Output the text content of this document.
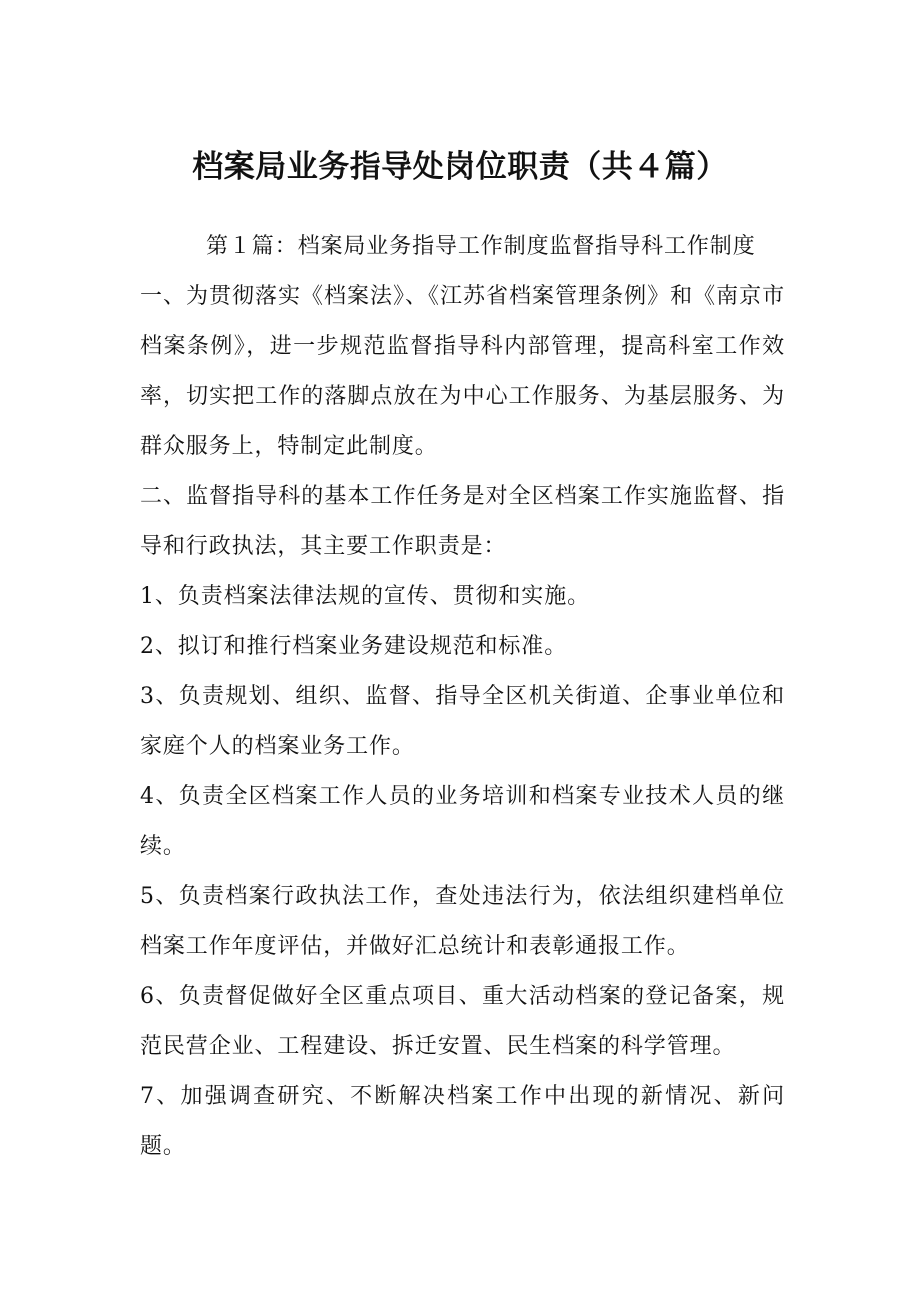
档案局业务指导处岗位职责（共４篇）

第１篇：档案局业务指导工作制度监督指导科工作制度

一、为贯彻落实《档案法》、《江苏省档案管理条例》和《南京市档案条例》，进一步规范监督指导科内部管理，提高科室工作效率，切实把工作的落脚点放在为中心工作服务、为基层服务、为群众服务上，特制定此制度。

二、监督指导科的基本工作任务是对全区档案工作实施监督、指导和行政执法，其主要工作职责是：

1、负责档案法律法规的宣传、贯彻和实施。

2、拟订和推行档案业务建设规范和标准。

3、负责规划、组织、监督、指导全区机关街道、企事业单位和家庭个人的档案业务工作。

4、负责全区档案工作人员的业务培训和档案专业技术人员的继续。

5、负责档案行政执法工作，查处违法行为，依法组织建档单位档案工作年度评估，并做好汇总统计和表彰通报工作。

6、负责督促做好全区重点项目、重大活动档案的登记备案，规范民营企业、工程建设、拆迁安置、民生档案的科学管理。

7、加强调查研究、不断解决档案工作中出现的新情况、新问题。
